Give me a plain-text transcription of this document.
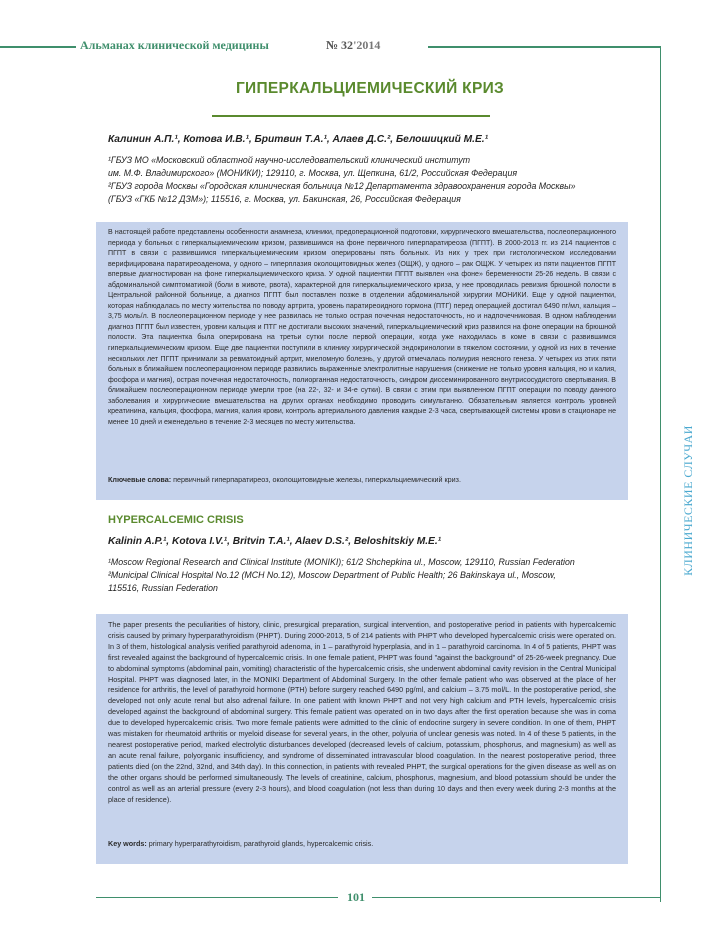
Альманах клинической медицины	№ 32'2014
КЛИНИЧЕСКИЕ СЛУЧАИ
ГИПЕРКАЛЬЦИЕМИЧЕСКИЙ КРИЗ
Калинин А.П.¹, Котова И.В.¹, Бритвин Т.А.¹, Алаев Д.С.², Белошицкий М.Е.¹
¹ГБУЗ МО «Московский областной научно-исследовательский клинический институт
им. М.Ф. Владимирского» (МОНИКИ); 129110, г. Москва, ул. Щепкина, 61/2, Российская Федерация
²ГБУЗ города Москвы «Городская клиническая больница №12 Департамента здравоохранения города Москвы»
(ГБУЗ «ГКБ №12 ДЗМ»); 115516, г. Москва, ул. Бакинская, 26, Российская Федерация
В настоящей работе представлены особенности анамнеза, клиники, предоперационной подготовки, хирургического вмешательства, послеоперационного периода у больных с гиперкальциемическим кризом, развившимся на фоне первичного гиперпаратиреоза (ПГПТ). В 2000-2013 гг. из 214 пациентов с ПГПТ в связи с развившимся гиперкальциемическим кризом оперированы пять больных. Из них у трех при гистологическом исследовании верифицирована паратиреоаденома, у одного – гиперплазия околощитовидных желез (ОЩЖ), у одного – рак ОЩЖ. У четырех из пяти пациентов ПГПТ впервые диагностирован на фоне гиперкальциемического криза. У одной пациентки ПГПТ выявлен «на фоне» беременности 25-26 недель. В связи с абдоминальной симптоматикой (боли в животе, рвота), характерной для гиперкальциемического криза, у нее проводилась ревизия брюшной полости в Центральной районной больнице, а диагноз ПГПТ был поставлен позже в отделении абдоминальной хирургии МОНИКИ. Еще у одной пациентки, которая наблюдалась по месту жительства по поводу артрита, уровень паратиреоидного гормона (ПТГ) перед операцией достигал 6490 пг/мл, кальция – 3,75 моль/л. В послеоперационном периоде у нее развилась не только острая почечная недостаточность, но и надпочечниковая. В одном наблюдении диагноз ПГПТ был известен, уровни кальция и ПТГ не достигали высоких значений, гиперкальциемический криз развился на фоне операции на брюшной полости. Эта пациентка была оперирована на третьи сутки после первой операции, когда уже находилась в коме в связи с развившимся гиперкальциемическим кризом. Еще две пациентки поступили в клинику хирургической эндокринологии в тяжелом состоянии, у одной из них в течение нескольких лет ПГПТ принимали за ревматоидный артрит, миеломную болезнь, у другой отмечалась полиурия неясного генеза. У четырех из этих пяти больных в ближайшем послеоперационном периоде развились выраженные электролитные нарушения (снижение не только уровня кальция, но и калия, фосфора и магния), острая почечная недостаточность, полиорганная недостаточность, синдром диссеминированного внутрисосудистого свертывания. В ближайшем послеоперационном периоде умерли трое (на 22-, 32- и 34-е сутки). В связи с этим при выявленном ПГПТ операции по поводу данного заболевания и хирургические вмешательства на других органах необходимо проводить симультанно. Обязательным является контроль уровней креатинина, кальция, фосфора, магния, калия крови, контроль артериального давления каждые 2-3 часа, свертывающей системы крови в стационаре не менее 10 дней и еженедельно в течение 2-3 месяцев по месту жительства.
Ключевые слова: первичный гиперпаратиреоз, околощитовидные железы, гиперкальциемический криз.
HYPERCALCEMIC CRISIS
Kalinin A.P.¹, Kotova I.V.¹, Britvin T.A.¹, Alaev D.S.², Beloshitskiy M.E.¹
¹Moscow Regional Research and Clinical Institute (MONIKI); 61/2 Shchepkina ul., Moscow, 129110, Russian Federation
²Municipal Clinical Hospital No.12 (MCH No.12), Moscow Department of Public Health; 26 Bakinskaya ul., Moscow,
115516, Russian Federation
The paper presents the peculiarities of history, clinic, presurgical preparation, surgical intervention, and postoperative period in patients with hypercalcemic crisis caused by primary hyperparathyroidism (PHPT). During 2000-2013, 5 of 214 patients with PHPT who developed hypercalcemic crisis were operated on. In 3 of them, histological analysis verified parathyroid adenoma, in 1 – parathyroid hyperplasia, and in 1 – parathyroid carcinoma. In 4 of 5 patients, PHPT was first revealed against the background of hypercalcemic crisis. In one female patient, PHPT was found "against the background" of 25-26-week pregnancy. Due to abdominal symptoms (abdominal pain, vomiting) characteristic of the hypercalcemic crisis, she underwent abdominal cavity revision in the Central Municipal Hospital. PHPT was diagnosed later, in the MONIKI Department of Abdominal Surgery. In the other female patient who was observed at the place of her residence for arthritis, the level of parathyroid hormone (PTH) before surgery reached 6490 pg/ml, and calcium – 3.75 mol/L. In the postoperative period, she developed not only acute renal but also adrenal failure. In one patient with known PHPT and not very high calcium and PTH levels, hypercalcemic crisis developed against the background of abdominal surgery. This female patient was operated on in two days after the first operation because she was in coma due to developed hypercalcemic crisis. Two more female patients were admitted to the clinic of endocrine surgery in severe condition. In one of them, PHPT was mistaken for rheumatoid arthritis or myeloid disease for several years, in the other, polyuria of unclear genesis was noted. In 4 of these 5 patients, in the nearest postoperative period, marked electrolytic disturbances developed (decreased levels of calcium, potassium, phosphorus, and magnesium) as well as an acute renal failure, polyorganic insufficiency, and syndrome of disseminated intravascular blood coagulation. In the nearest postoperative period, three patients died (on the 22nd, 32nd, and 34th day). In this connection, in patients with revealed PHPT, the surgical operations for the given disease as well as on the other organs should be performed simultaneously. The levels of creatinine, calcium, phosphorus, magnesium, and blood potassium should be under the control as well as an arterial pressure (every 2-3 hours), and blood coagulation (not less than during 10 days and then every week during 2-3 months at the place of residence).
Key words: primary hyperparathyroidism, parathyroid glands, hypercalcemic crisis.
101
